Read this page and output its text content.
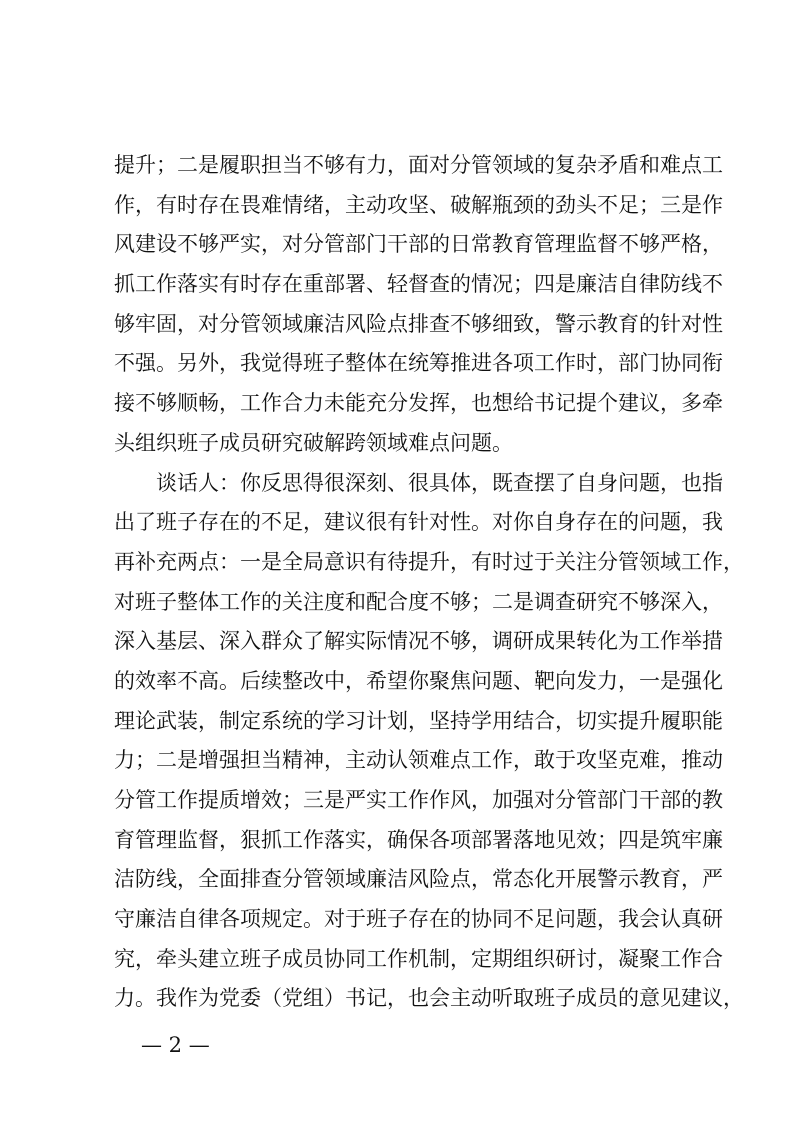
提升；二是履职担当不够有力，面对分管领域的复杂矛盾和难点工
作，有时存在畏难情绪，主动攻坚、破解瓶颈的劲头不足；三是作
风建设不够严实，对分管部门干部的日常教育管理监督不够严格，
抓工作落实有时存在重部署、轻督查的情况；四是廉洁自律防线不
够牢固，对分管领域廉洁风险点排查不够细致，警示教育的针对性
不强。另外，我觉得班子整体在统筹推进各项工作时，部门协同衔
接不够顺畅，工作合力未能充分发挥，也想给书记提个建议，多牵
头组织班子成员研究破解跨领域难点问题。
谈话人：你反思得很深刻、很具体，既查摆了自身问题，也指
出了班子存在的不足，建议很有针对性。对你自身存在的问题，我
再补充两点：一是全局意识有待提升，有时过于关注分管领域工作，
对班子整体工作的关注度和配合度不够；二是调查研究不够深入，
深入基层、深入群众了解实际情况不够，调研成果转化为工作举措
的效率不高。后续整改中，希望你聚焦问题、靶向发力，一是强化
理论武装，制定系统的学习计划，坚持学用结合，切实提升履职能
力；二是增强担当精神，主动认领难点工作，敢于攻坚克难，推动
分管工作提质增效；三是严实工作作风，加强对分管部门干部的教
育管理监督，狠抓工作落实，确保各项部署落地见效；四是筑牢廉
洁防线，全面排查分管领域廉洁风险点，常态化开展警示教育，严
守廉洁自律各项规定。对于班子存在的协同不足问题，我会认真研
究，牵头建立班子成员协同工作机制，定期组织研讨，凝聚工作合
力。我作为党委（党组）书记，也会主动听取班子成员的意见建议，
— 2 —
